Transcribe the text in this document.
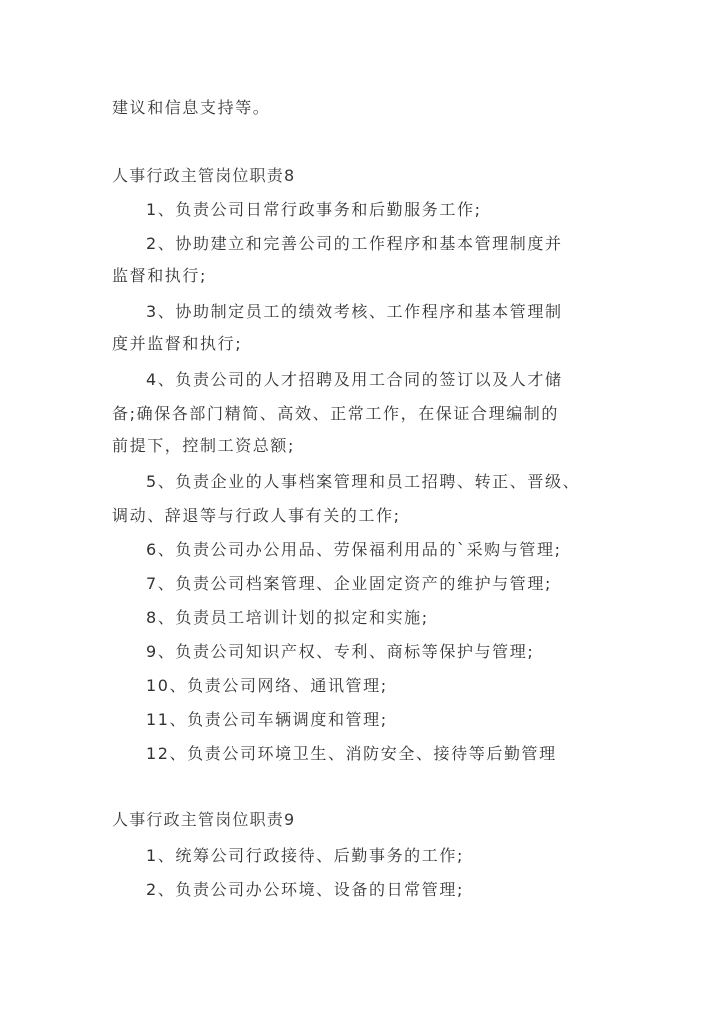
建议和信息支持等。
人事行政主管岗位职责8
1、负责公司日常行政事务和后勤服务工作;
2、协助建立和完善公司的工作程序和基本管理制度并
监督和执行;
3、协助制定员工的绩效考核、工作程序和基本管理制
度并监督和执行;
4、负责公司的人才招聘及用工合同的签订以及人才储
备;确保各部门精简、高效、正常工作，在保证合理编制的
前提下，控制工资总额;
5、负责企业的人事档案管理和员工招聘、转正、晋级、
调动、辞退等与行政人事有关的工作;
6、负责公司办公用品、劳保福利用品的`采购与管理;
7、负责公司档案管理、企业固定资产的维护与管理;
8、负责员工培训计划的拟定和实施;
9、负责公司知识产权、专利、商标等保护与管理;
10、负责公司网络、通讯管理;
11、负责公司车辆调度和管理;
12、负责公司环境卫生、消防安全、接待等后勤管理
人事行政主管岗位职责9
1、统筹公司行政接待、后勤事务的工作;
2、负责公司办公环境、设备的日常管理;
